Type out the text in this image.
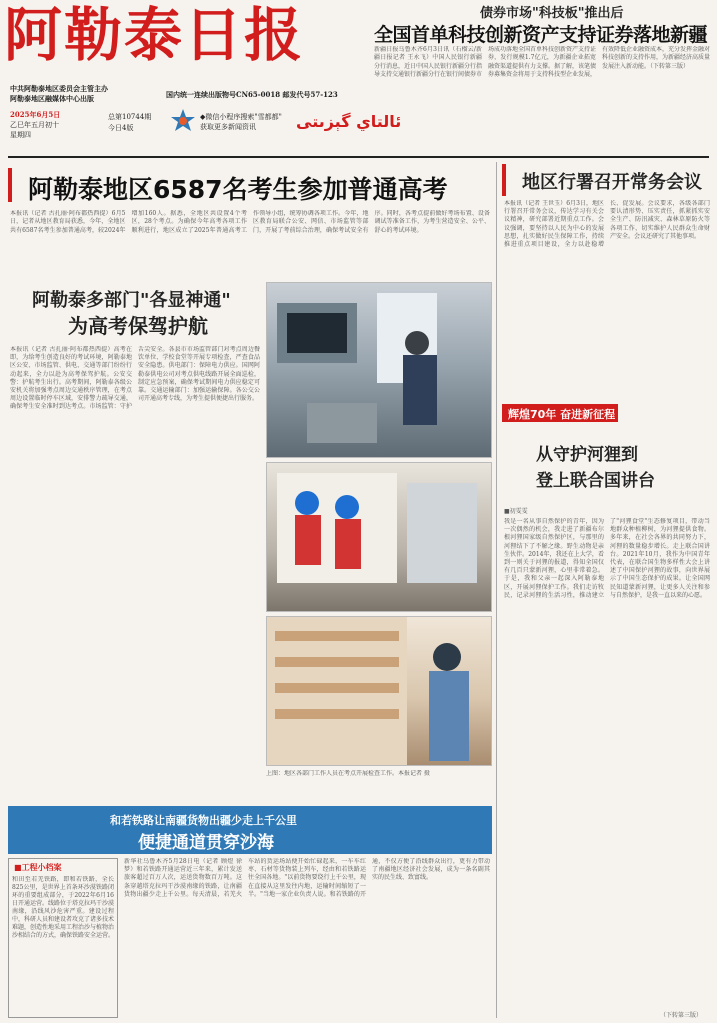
阿勒泰日报
中共阿勒泰地区委员会主管主办
阿勒泰地区融媒体中心出版
2025年6月5日
乙巳年五月初十
星期四
总第10744期
今日4版
国内统一连续出版物号CN65-0018 邮发代号57-123
◆微信小程序搜索"雪都都"
获取更多新闻资讯	ئالتاي گېزىتى
债券市场"科技板"推出后
全国首单科技创新资产支持证券落地新疆
新疆日报乌鲁木齐6月3日讯（石榴云/新疆日报记者 王永飞）中国人民银行新疆分行消息，近日中国人民银行新疆分行指导支持交通银行新疆分行在银行间债券市场成功落地全国首单科技创新资产支持证券，发行规模1.7亿元，为新疆企业拓宽融资渠道提供有力支撑。据了解，该笔债券募集资金将用于支持科技型企业发展，有效降低企业融资成本，充分发挥金融对科技创新的支持作用，为新疆经济高质量发展注入新动能。（下转第三版）
阿勒泰地区6587名考生参加普通高考
本报讯（记者 古扎丽·阿布都热西提）6月5日，记者从地区教育局获悉，今年，全地区共有6587名考生参加普通高考，较2024年增加160人。据悉，全地区共设置4个考区，28个考点。为确保今年高考各项工作顺利进行，地区成立了2025年普通高考工作领导小组，统筹协调各项工作。今年，地区教育局联合公安、网信、市场监管等部门，开展了考前综合治理，确保考试安全有序。同时，各考点提前做好考场布置、设备调试等准备工作，为考生营造安全、公平、舒心的考试环境。
阿勒泰多部门"各显神通"
为高考保驾护航
本报讯（记者 古扎丽·阿布都热西提）高考在即，为给考生创造良好的考试环境，阿勒泰地区公安、市场监管、供电、交通等部门纷纷行动起来，全力以赴为高考保驾护航。公安交警：护航考生出行。高考期间，阿勒泰各级公安机关将加强考点周边交通秩序管理，在考点周边设置临时停车区域，安排警力疏导交通，确保考生安全准时到达考点。市场监管：守护舌尖安全。各县市市场监管部门对考点周边餐饮单位、学校食堂等开展专项检查，严查食品安全隐患。供电部门：保障电力供应。国网阿勒泰供电公司对考点供电线路开展全面巡检，制定应急预案，确保考试期间电力供应稳定可靠。交通运输部门：加强运输保障。各公交公司开通高考专线，为考生提供便捷出行服务。
上图：地区各部门工作人员在考点开展检查工作。本报记者 摄
和若铁路让南疆货物出疆少走上千公里
便捷通道贯穿沙海
■工程小档案
和田至若羌铁路，即和若铁路，全长825公里，是世界上首条环沙漠铁路闭环的重要组成部分，于2022年6月16日开通运营。线路位于塔克拉玛干沙漠南缘，沿线风沙危害严重。建设过程中，科研人员和建设者攻克了诸多技术难题，创造性地采用工程治沙与植物治沙相结合的方式，确保铁路安全运营。
新华社乌鲁木齐5月28日电（记者 顾煜 徐梦）和若铁路开通运营近三年来，累计发送旅客超过百万人次，运送货物数百万吨。这条穿越塔克拉玛干沙漠南缘的铁路，让南疆货物出疆少走上千公里。每天清晨，若羌火车站的货运场站便开始忙碌起来，一车车红枣、石材等货物装上列车，经由和若铁路运往全国各地。"以前货物要绕行上千公里，现在直接从这里发往内地，运输时间缩短了一半。"当地一家企业负责人说。和若铁路的开通，不仅方便了沿线群众出行，更有力带动了南疆地区经济社会发展，成为一条名副其实的民生线、致富线。
地区行署召开常务会议
本报讯（记者 王世玉）6月3日，地区行署召开常务会议，传达学习有关会议精神，研究部署近期重点工作。会议强调，要坚持以人民为中心的发展思想，扎实做好民生保障工作，持续推进重点项目建设，全力以赴稳增长、促发展。会议要求，各级各部门要认清形势、压实责任，抓紧抓实安全生产、防汛减灾、森林草原防火等各项工作，切实维护人民群众生命财产安全。会议还研究了其他事项。
辉煌70年 奋进新征程
从守护河狸到
登上联合国讲台
■初雯雯
我是一名从事自然保护的青年，因为一次偶然的机会，我走进了新疆布尔根河狸国家级自然保护区，与那里的河狸结下了不解之缘。野生动物是亲生伙伴。2014年，我还在上大学，看到一则关于河狸的报道，得知全国仅有几百只蒙新河狸，心里非常着急。于是，我和父亲一起深入阿勒泰地区，开展河狸保护工作。我们走访牧民，记录河狸的生活习性，推动建立了"河狸食堂"生态修复项目，带动当地群众种植柳树，为河狸提供食物。多年来，在社会各界的共同努力下，河狸的数量稳步增长。走上联合国讲台。2021年10月，我作为中国青年代表，在联合国生物多样性大会上讲述了中国保护河狸的故事，向世界展示了中国生态保护的成果。让全国网民知道蒙新河狸，让更多人关注和参与自然保护，是我一直以来的心愿。
（下转第三版）
